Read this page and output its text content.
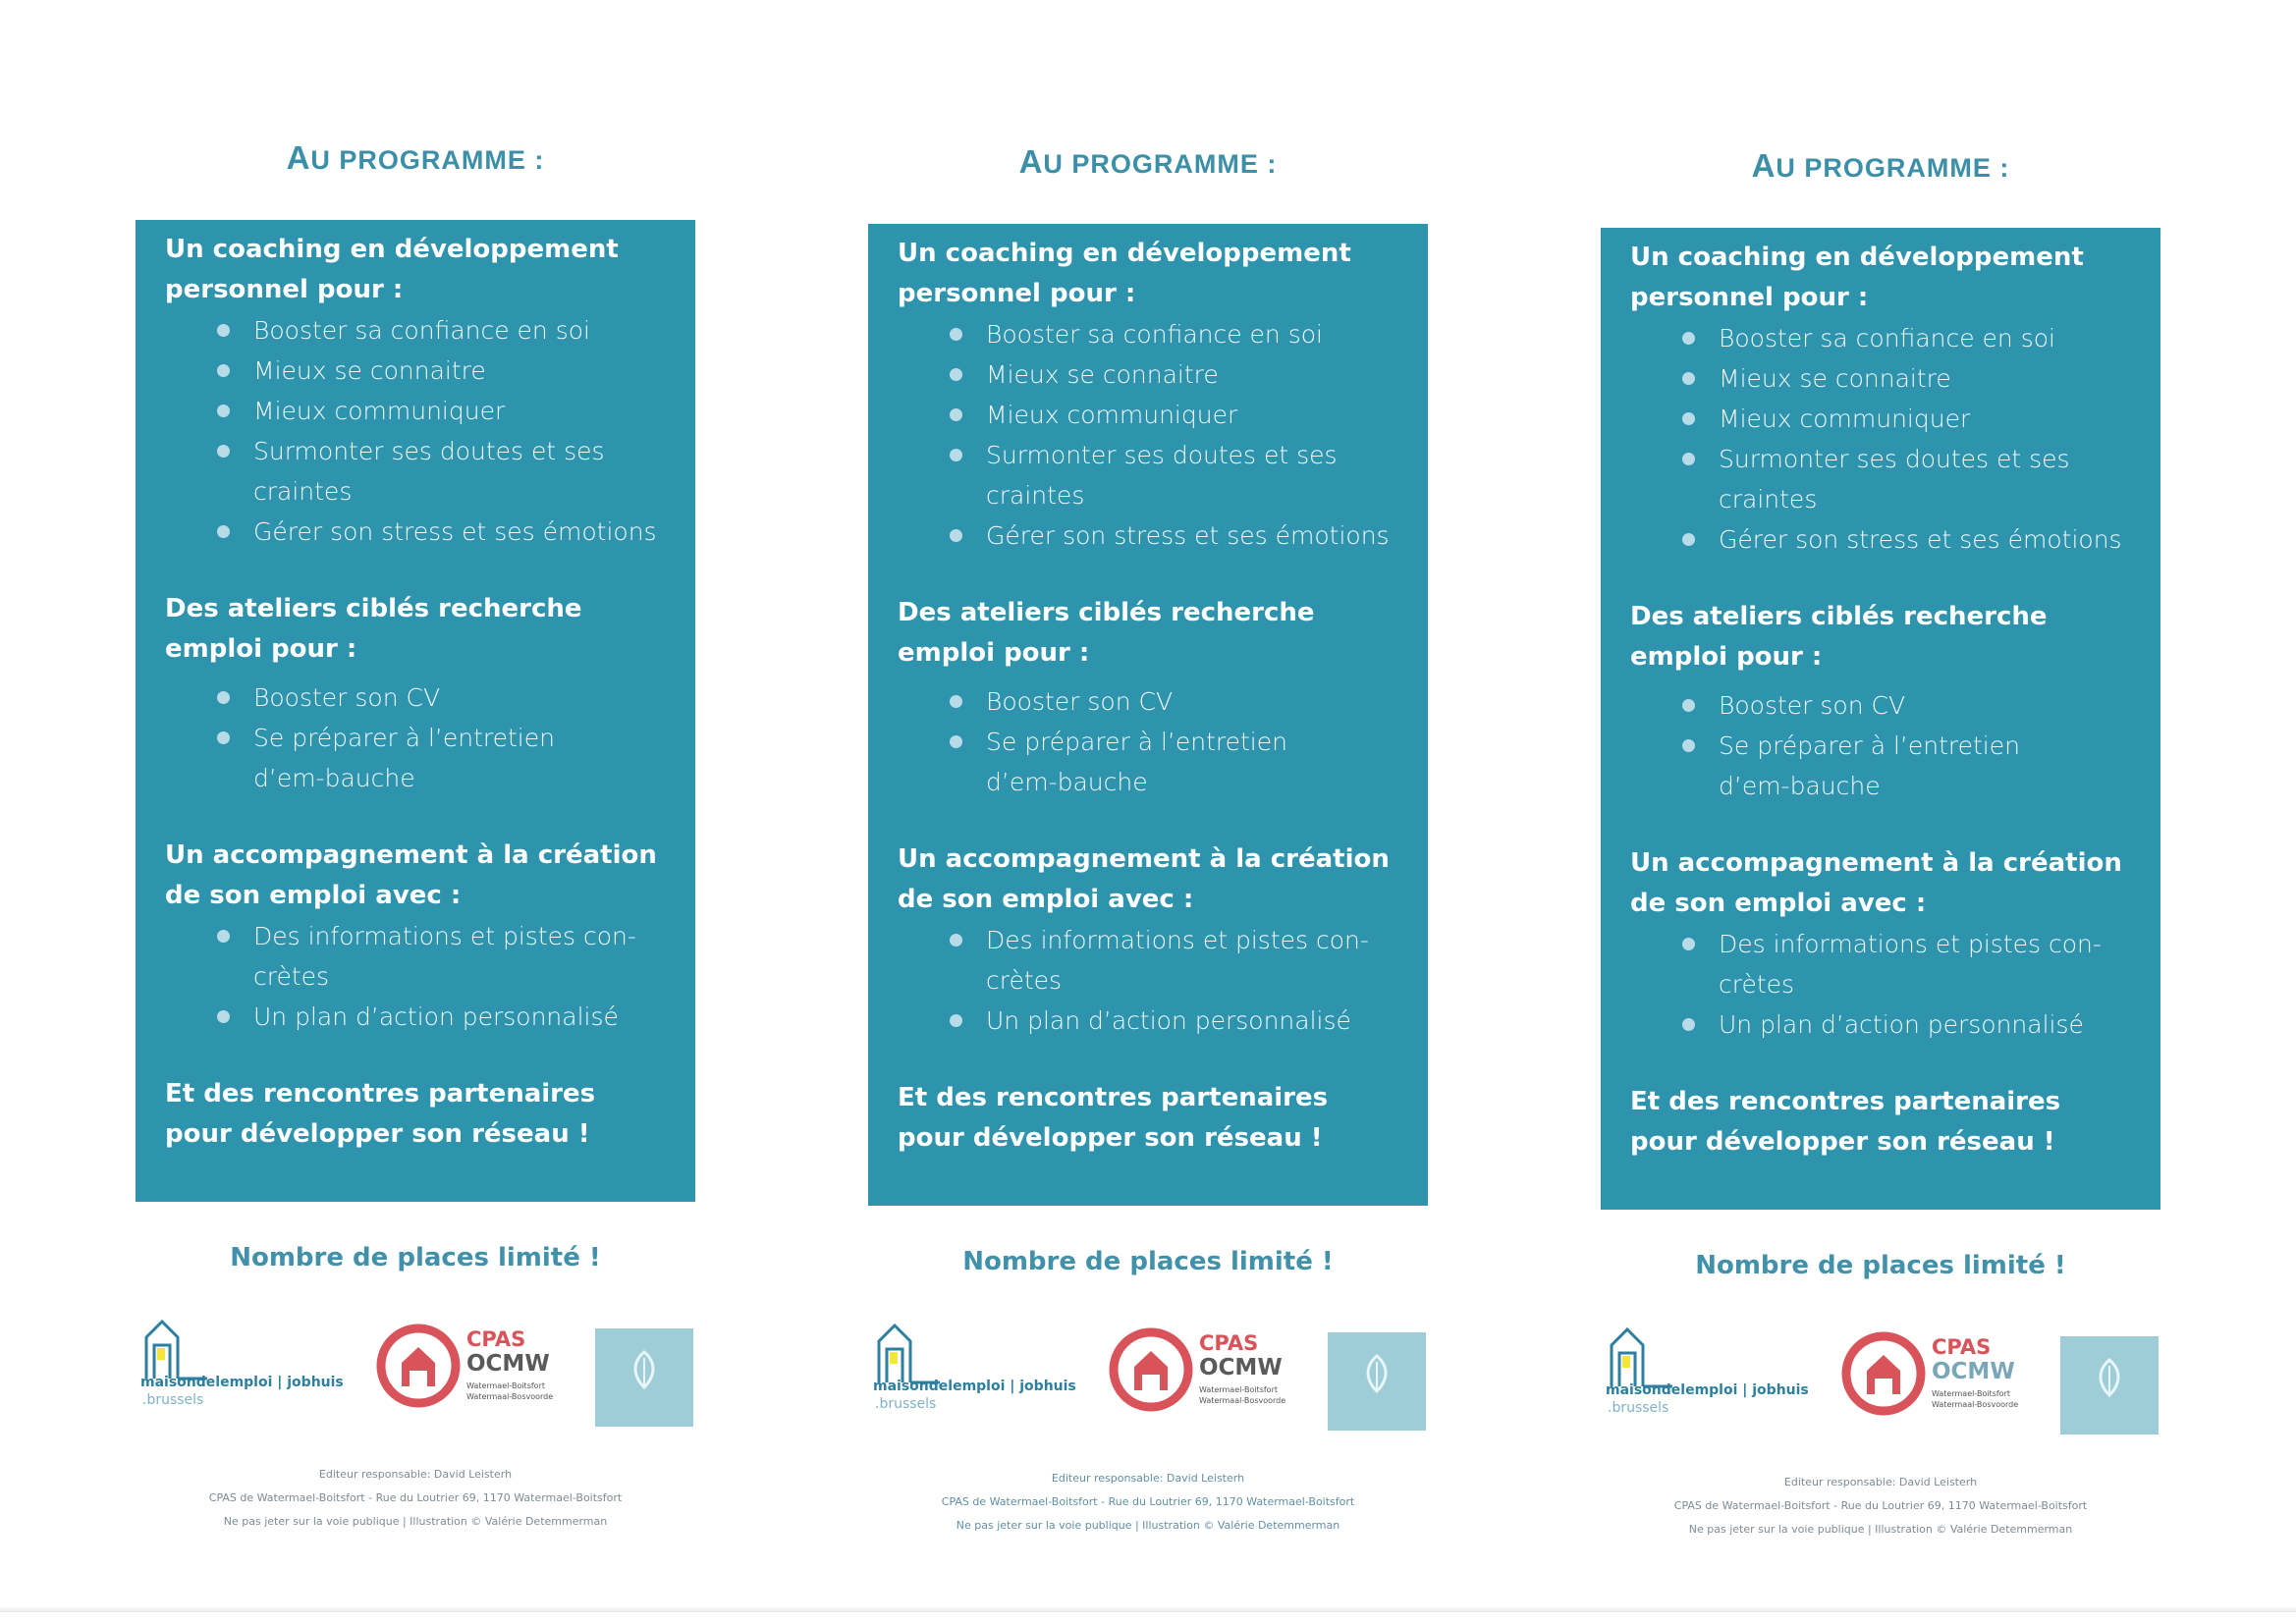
AU PROGRAMME :

Un coaching en développement personnel pour :

Booster sa confiance en soi
Mieux se connaitre
Mieux communiquer
Surmonter ses doutes et ses craintes
Gérer son stress et ses émotions

Des ateliers ciblés recherche emploi pour :

Booster son CV
Se préparer à l’entretien d’em-bauche

Un accompagnement à la création de son emploi avec :

Des informations et pistes con-crètes
Un plan d’action personnalisé

Et des rencontres partenaires pour développer son réseau !

Nombre de places limité !
maisondelemploi | jobhuis
.brussels
CPAS
OCMW
Watermael-Boitsfort Watermaal-Bosvoorde
Editeur responsable: David Leisterh
CPAS de Watermael-Boitsfort - Rue du Loutrier 69, 1170 Watermael-Boitsfort
Ne pas jeter sur la voie publique | Illustration © Valérie Detemmerman
AU PROGRAMME :

Un coaching en développement personnel pour :

Booster sa confiance en soi
Mieux se connaitre
Mieux communiquer
Surmonter ses doutes et ses craintes
Gérer son stress et ses émotions

Des ateliers ciblés recherche emploi pour :

Booster son CV
Se préparer à l’entretien d’em-bauche

Un accompagnement à la création de son emploi avec :

Des informations et pistes con-crètes
Un plan d’action personnalisé

Et des rencontres partenaires pour développer son réseau !

Nombre de places limité !
maisondelemploi | jobhuis
.brussels
CPAS
OCMW
Watermael-Boitsfort Watermaal-Bosvoorde
Editeur responsable: David Leisterh
CPAS de Watermael-Boitsfort - Rue du Loutrier 69, 1170 Watermael-Boitsfort
Ne pas jeter sur la voie publique | Illustration © Valérie Detemmerman
AU PROGRAMME :

Un coaching en développement personnel pour :

Booster sa confiance en soi
Mieux se connaitre
Mieux communiquer
Surmonter ses doutes et ses craintes
Gérer son stress et ses émotions

Des ateliers ciblés recherche emploi pour :

Booster son CV
Se préparer à l’entretien d’em-bauche

Un accompagnement à la création de son emploi avec :

Des informations et pistes con-crètes
Un plan d’action personnalisé

Et des rencontres partenaires pour développer son réseau !

Nombre de places limité !
maisondelemploi | jobhuis
.brussels
CPAS
OCMW
Watermael-Boitsfort Watermaal-Bosvoorde
Editeur responsable: David Leisterh
CPAS de Watermael-Boitsfort - Rue du Loutrier 69, 1170 Watermael-Boitsfort
Ne pas jeter sur la voie publique | Illustration © Valérie Detemmerman
